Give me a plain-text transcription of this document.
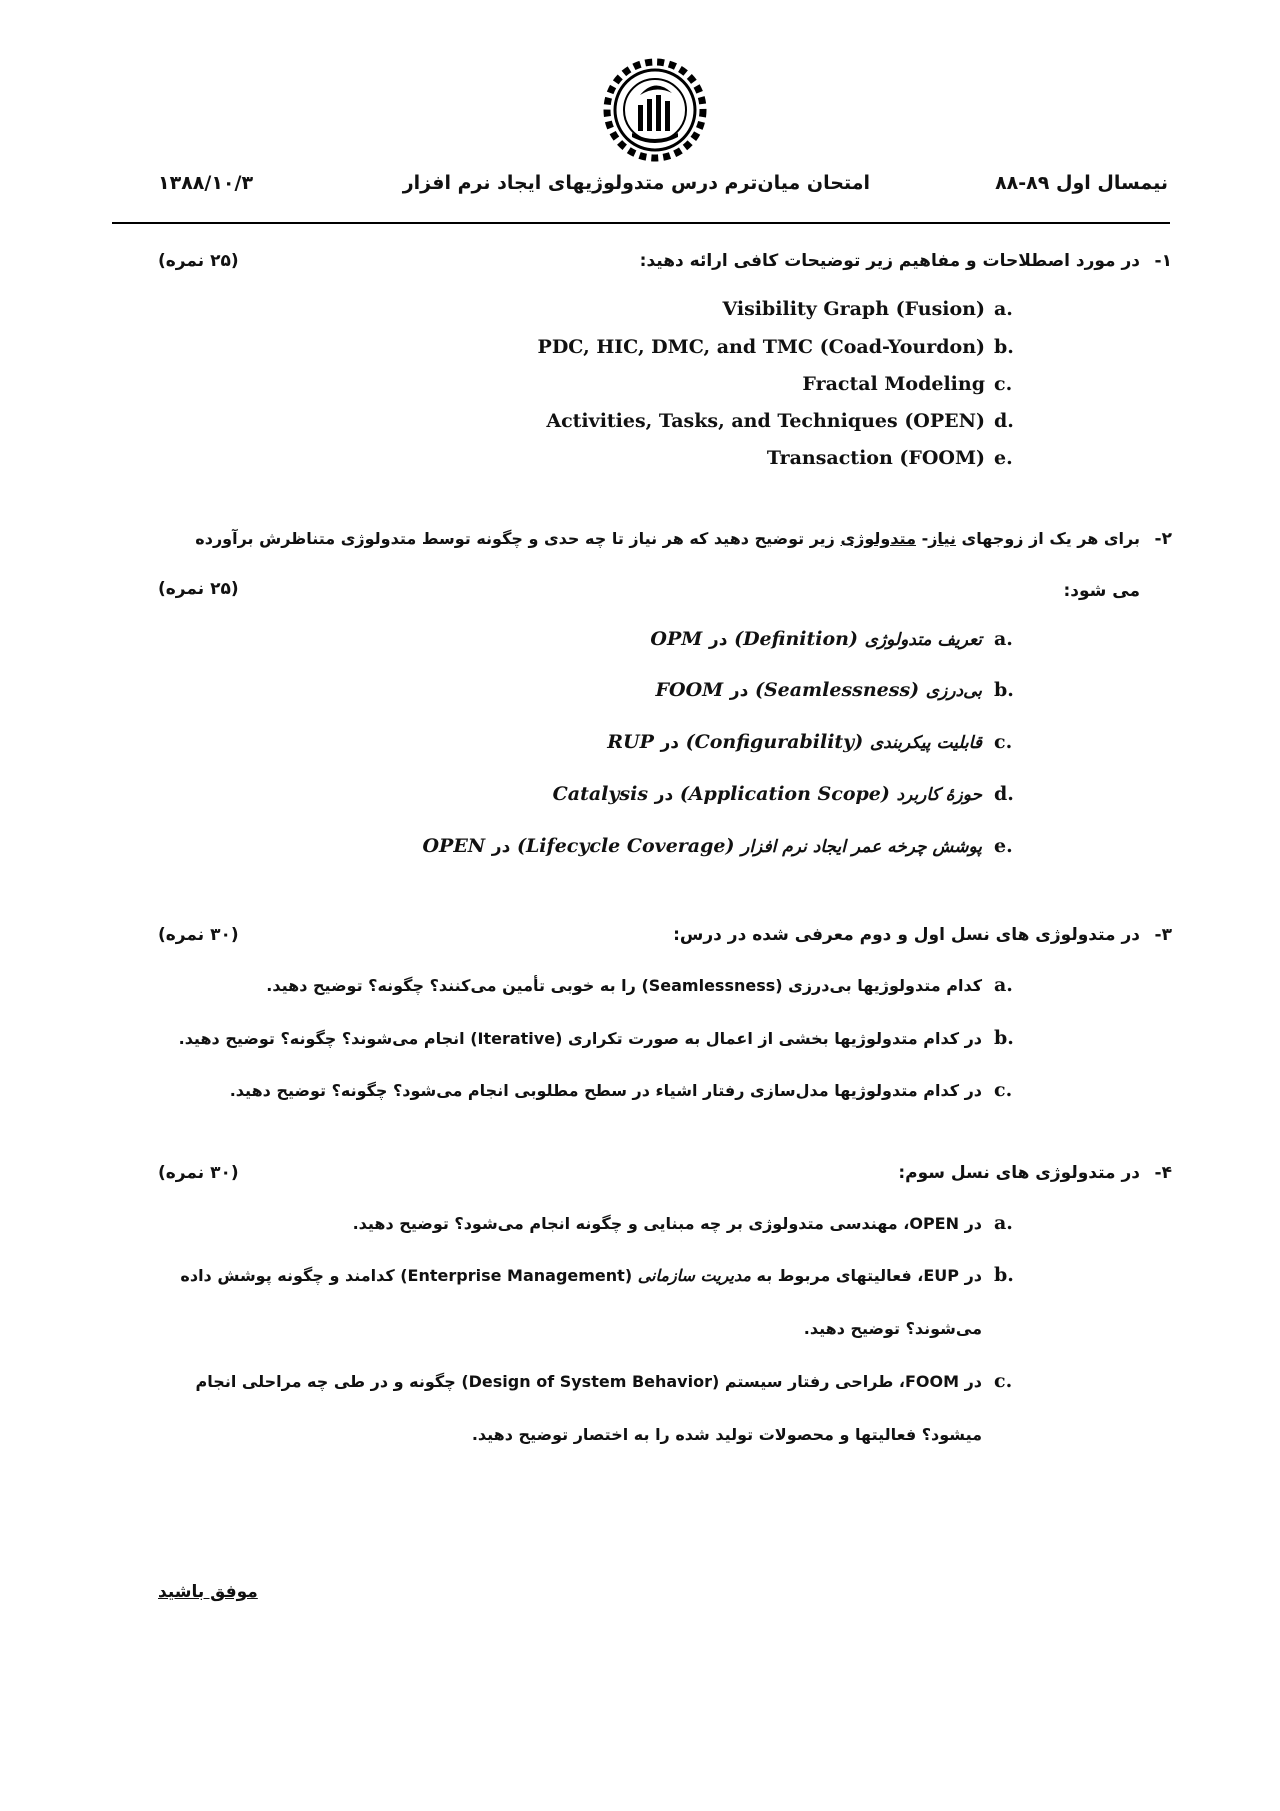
نیمسال اول ۸۹-۸۸
امتحان میان‌ترم درس متدولوژیهای ایجاد نرم افزار
۱۳۸۸/۱۰/۳
۱-
در مورد اصطلاحات و مفاهیم زیر توضیحات کافی ارائه دهید:
(۲۵ نمره)
a.
Visibility Graph (Fusion)
b.
PDC, HIC, DMC, and TMC (Coad-Yourdon)
c.
Fractal Modeling
d.
Activities, Tasks, and Techniques (OPEN)
e.
Transaction (FOOM)
۲-
برای هر یک از زوجهای نیاز- متدولوژی زیر توضیح دهید که هر نیاز تا چه حدی و چگونه توسط متدولوژی متناظرش برآورده
می شود:
(۲۵ نمره)
a.
تعریف متدولوژی (Definition) در OPM
b.
بی‌درزی (Seamlessness) در FOOM
c.
قابلیت پیکربندی (Configurability) در RUP
d.
حوزهٔ کاربرد (Application Scope) در Catalysis
e.
پوشش چرخه عمر ایجاد نرم افزار (Lifecycle Coverage) در OPEN
۳-
در متدولوژی های نسل اول و دوم معرفی شده در درس:
(۳۰ نمره)
a.
کدام متدولوژیها بی‌درزی (Seamlessness) را به خوبی تأمین می‌کنند؟ چگونه؟ توضیح دهید.
b.
در کدام متدولوژیها بخشی از اعمال به صورت تکراری (Iterative) انجام می‌شوند؟ چگونه؟ توضیح دهید.
c.
در کدام متدولوژیها مدل‌سازی رفتار اشیاء در سطح مطلوبی انجام می‌شود؟ چگونه؟ توضیح دهید.
۴-
در متدولوژی های نسل سوم:
(۳۰ نمره)
a.
در OPEN، مهندسی متدولوژی بر چه مبنایی و چگونه انجام می‌شود؟ توضیح دهید.
b.
در EUP، فعالیتهای مربوط به مدیریت سازمانی (Enterprise Management) کدامند و چگونه پوشش داده
می‌شوند؟ توضیح دهید.
c.
در FOOM، طراحی رفتار سیستم (Design of System Behavior) چگونه و در طی چه مراحلی انجام
میشود؟ فعالیتها و محصولات تولید شده را به اختصار توضیح دهید.
موفق باشید
